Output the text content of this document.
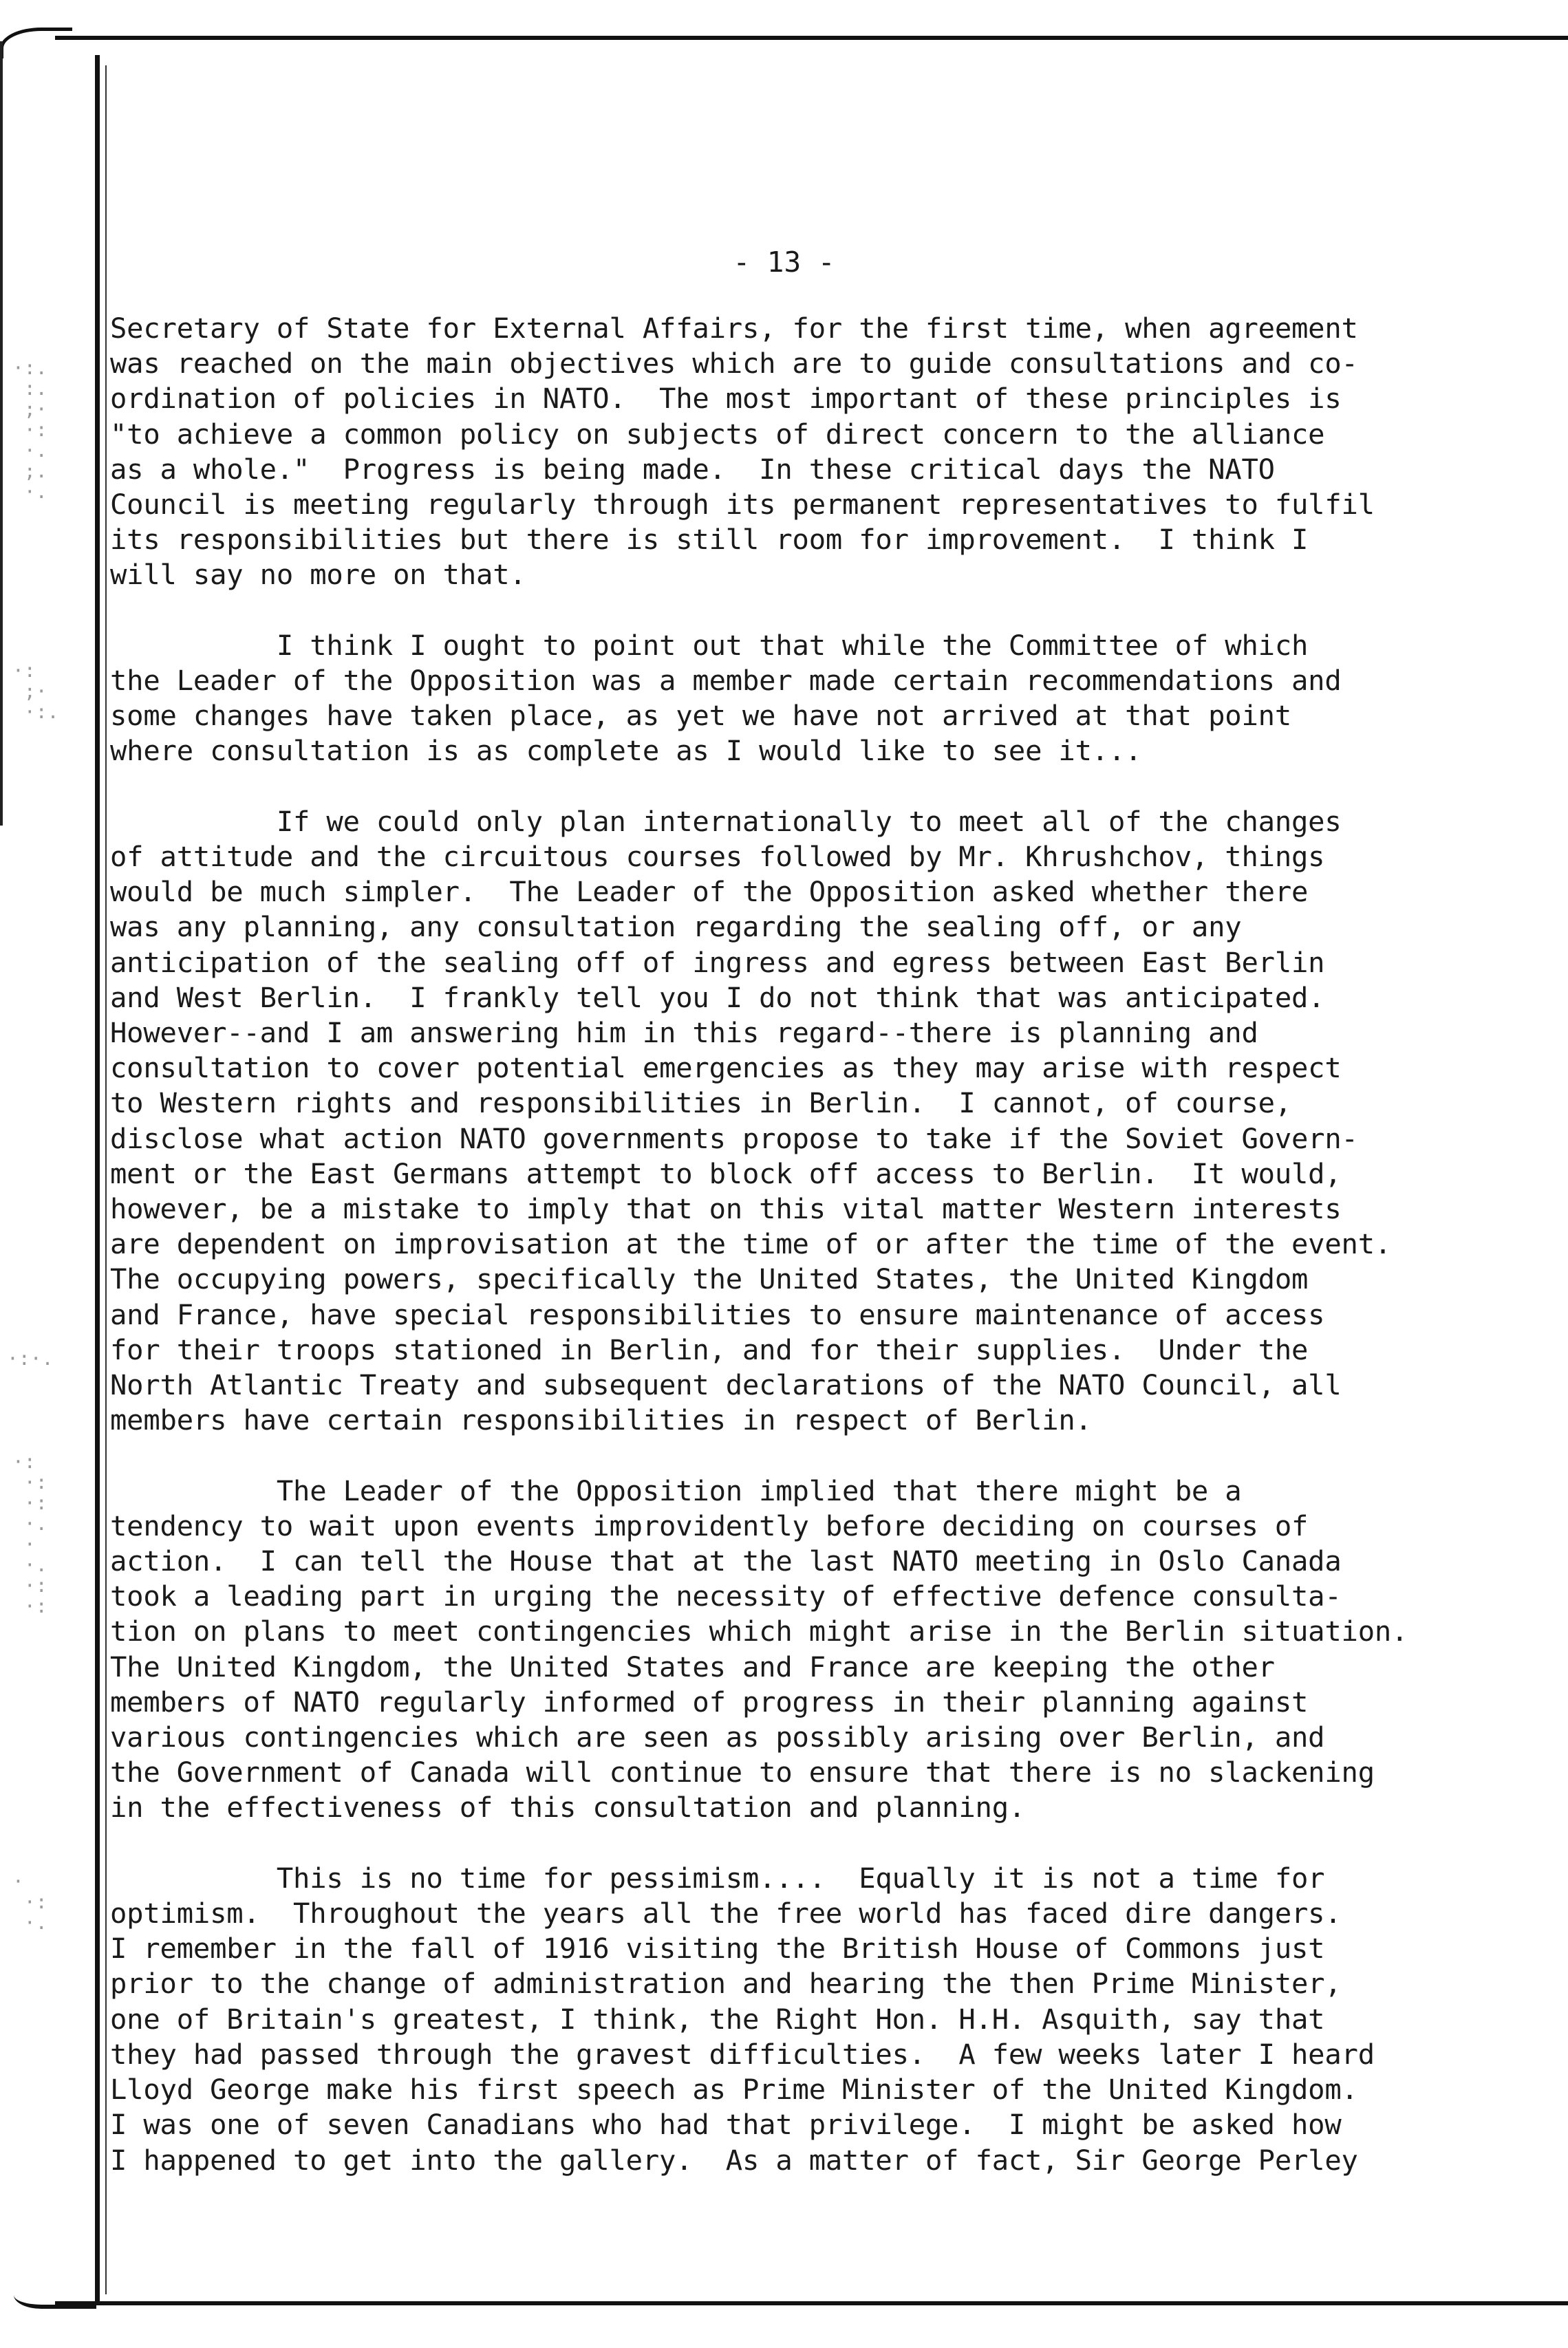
·:.
:.
;·
·:
·.
;.
·.
·:
;·
·:.
·:·.
·:
·:
·:
·.
·
·.
·:
·:
·
·:
·.
- 13 -
Secretary of State for External Affairs, for the first time, when agreement
was reached on the main objectives which are to guide consultations and co-
ordination of policies in NATO.  The most important of these principles is
"to achieve a common policy on subjects of direct concern to the alliance
as a whole."  Progress is being made.  In these critical days the NATO
Council is meeting regularly through its permanent representatives to fulfil
its responsibilities but there is still room for improvement.  I think I
will say no more on that.
I think I ought to point out that while the Committee of which
the Leader of the Opposition was a member made certain recommendations and
some changes have taken place, as yet we have not arrived at that point
where consultation is as complete as I would like to see it...
If we could only plan internationally to meet all of the changes
of attitude and the circuitous courses followed by Mr. Khrushchov, things
would be much simpler.  The Leader of the Opposition asked whether there
was any planning, any consultation regarding the sealing off, or any
anticipation of the sealing off of ingress and egress between East Berlin
and West Berlin.  I frankly tell you I do not think that was anticipated.
However--and I am answering him in this regard--there is planning and
consultation to cover potential emergencies as they may arise with respect
to Western rights and responsibilities in Berlin.  I cannot, of course,
disclose what action NATO governments propose to take if the Soviet Govern-
ment or the East Germans attempt to block off access to Berlin.  It would,
however, be a mistake to imply that on this vital matter Western interests
are dependent on improvisation at the time of or after the time of the event.
The occupying powers, specifically the United States, the United Kingdom
and France, have special responsibilities to ensure maintenance of access
for their troops stationed in Berlin, and for their supplies.  Under the
North Atlantic Treaty and subsequent declarations of the NATO Council, all
members have certain responsibilities in respect of Berlin.
The Leader of the Opposition implied that there might be a
tendency to wait upon events improvidently before deciding on courses of
action.  I can tell the House that at the last NATO meeting in Oslo Canada
took a leading part in urging the necessity of effective defence consulta-
tion on plans to meet contingencies which might arise in the Berlin situation.
The United Kingdom, the United States and France are keeping the other
members of NATO regularly informed of progress in their planning against
various contingencies which are seen as possibly arising over Berlin, and
the Government of Canada will continue to ensure that there is no slackening
in the effectiveness of this consultation and planning.
This is no time for pessimism....  Equally it is not a time for
optimism.  Throughout the years all the free world has faced dire dangers.
I remember in the fall of 1916 visiting the British House of Commons just
prior to the change of administration and hearing the then Prime Minister,
one of Britain's greatest, I think, the Right Hon. H.H. Asquith, say that
they had passed through the gravest difficulties.  A few weeks later I heard
Lloyd George make his first speech as Prime Minister of the United Kingdom.
I was one of seven Canadians who had that privilege.  I might be asked how
I happened to get into the gallery.  As a matter of fact, Sir George Perley
